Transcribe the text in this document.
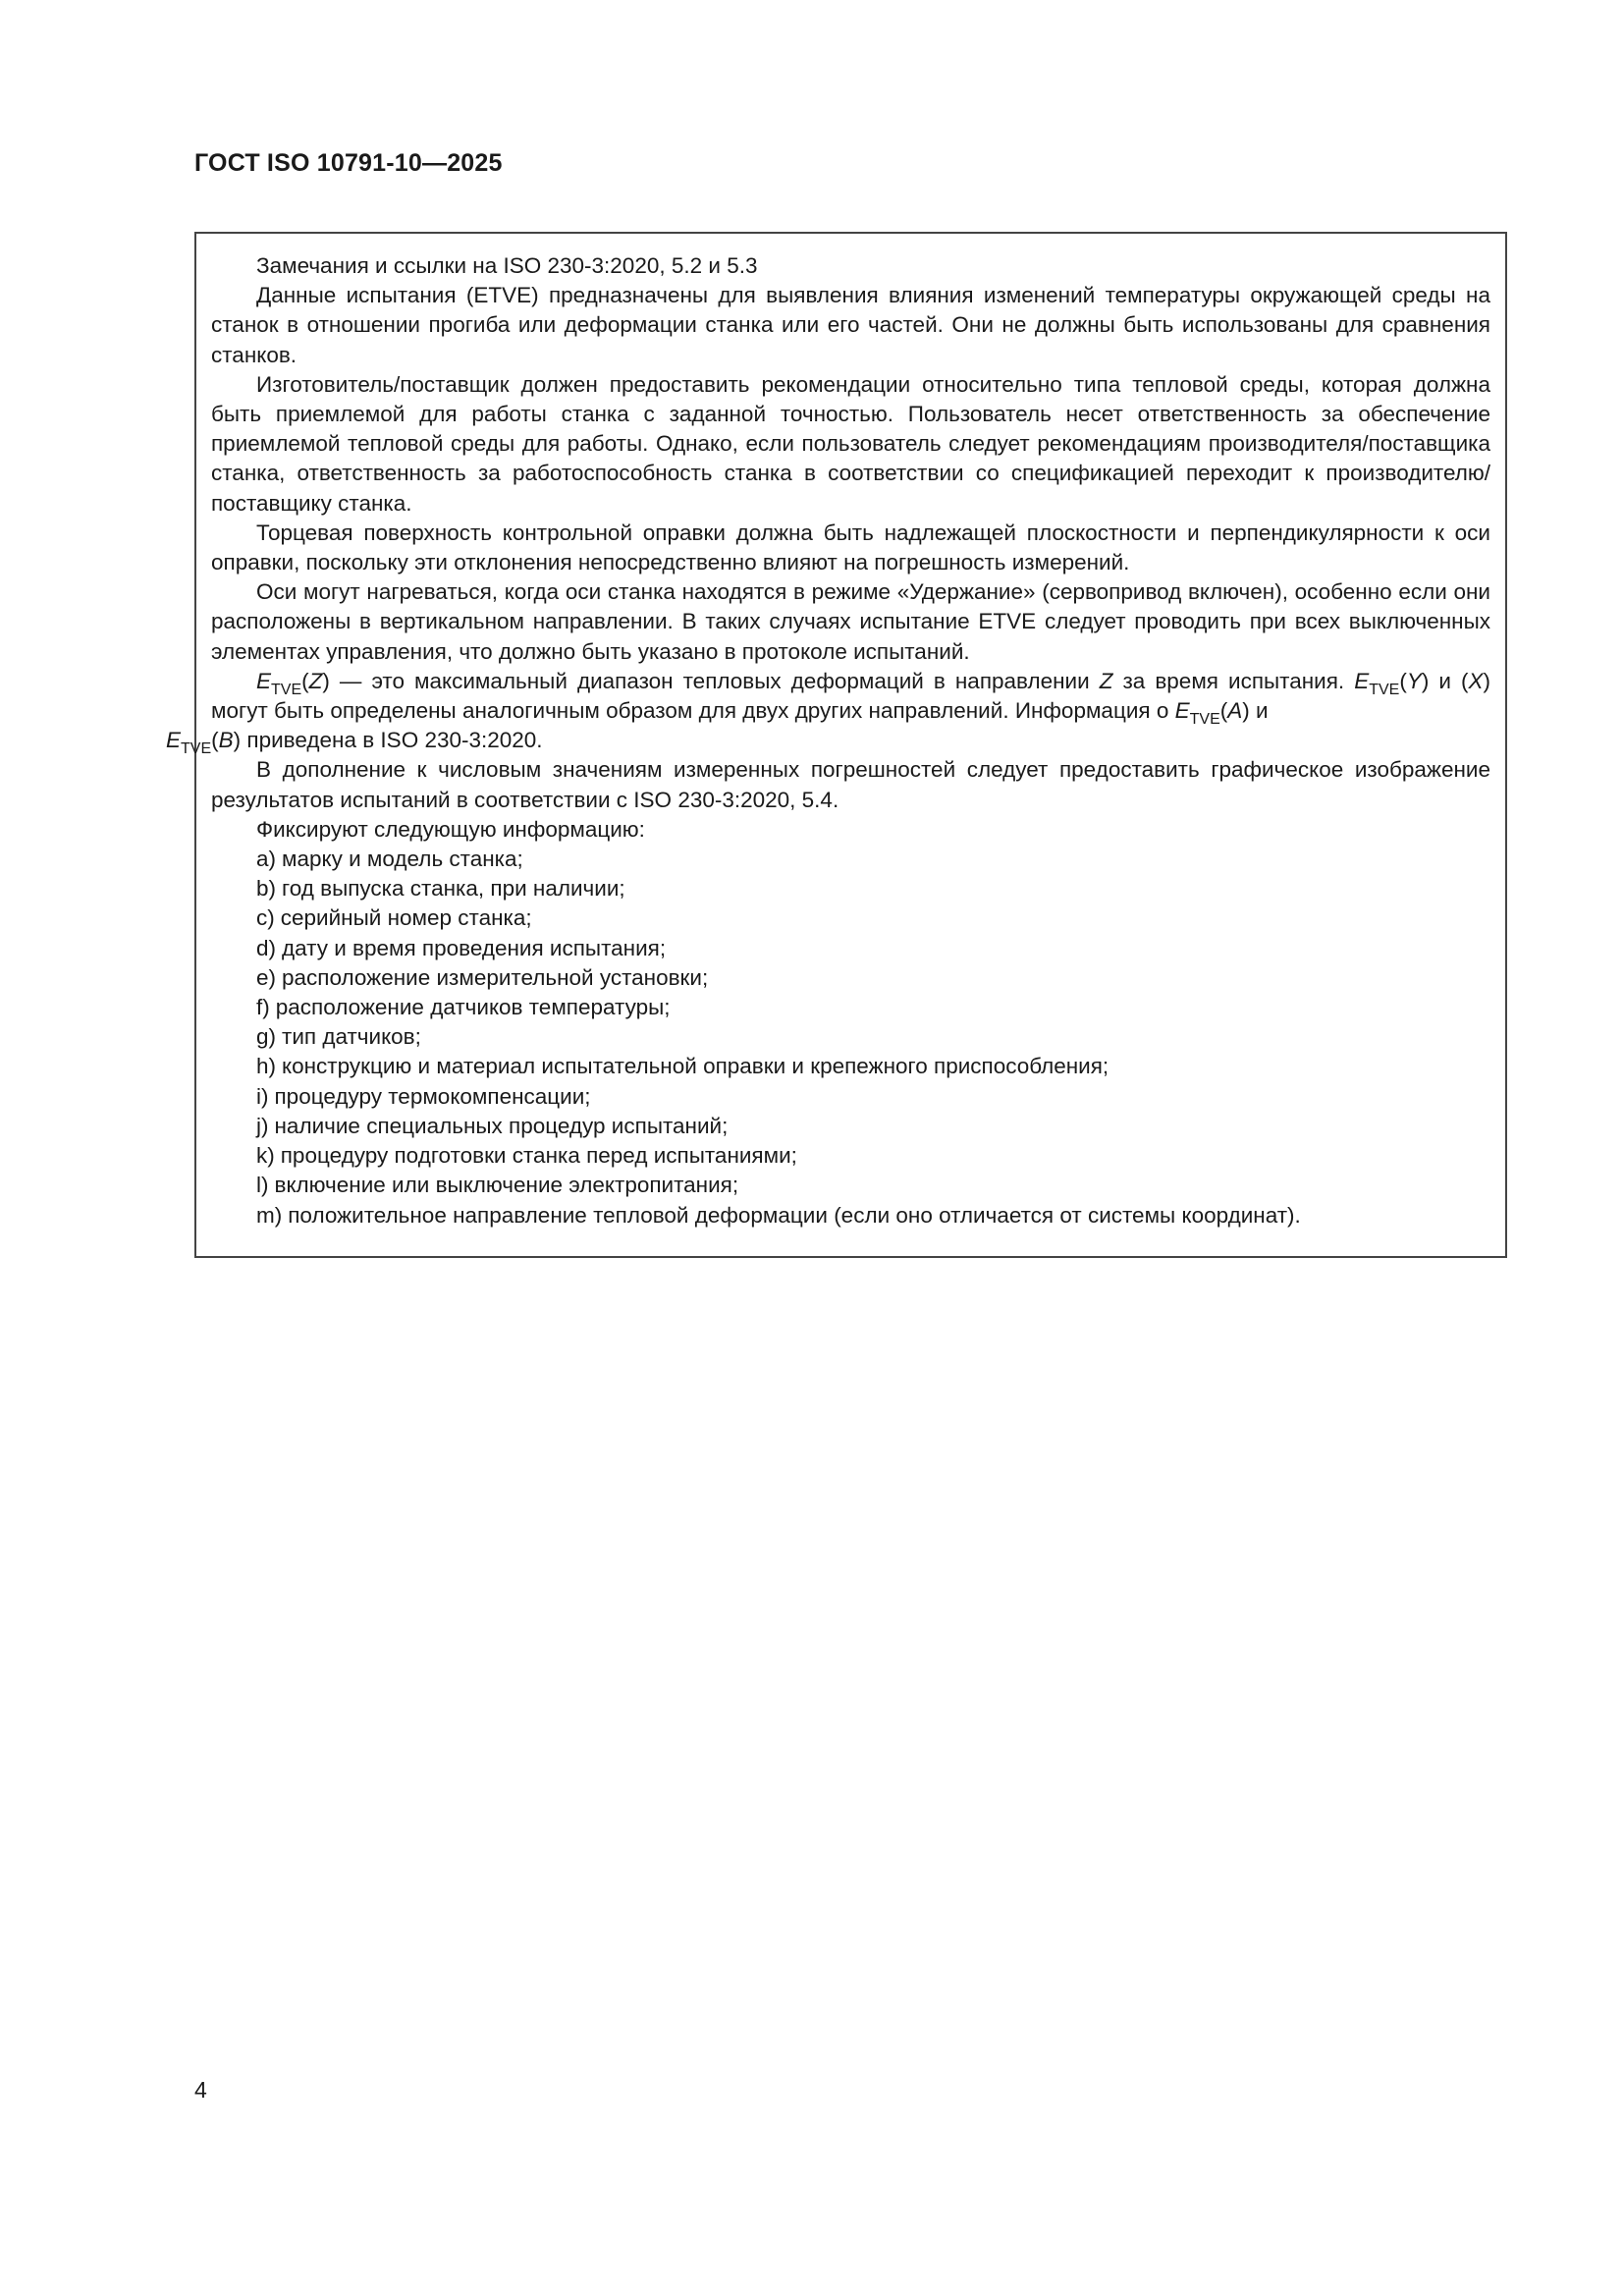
ГОСТ ISO 10791-10—2025

Замечания и ссылки на ISO 230-3:2020, 5.2 и 5.3

Данные испытания (ETVE) предназначены для выявления влияния изменений температуры окружающей среды на станок в отношении прогиба или деформации станка или его частей. Они не должны быть использованы для сравнения станков.

Изготовитель/поставщик должен предоставить рекомендации относительно типа тепловой среды, которая должна быть приемлемой для работы станка с заданной точностью. Пользователь несет ответственность за обеспечение приемлемой тепловой среды для работы. Однако, если пользователь следует рекомендациям производителя/поставщика станка, ответственность за работоспособность станка в соответствии со спецификацией переходит к производителю/поставщику станка.

Торцевая поверхность контрольной оправки должна быть надлежащей плоскостности и перпендикулярности к оси оправки, поскольку эти отклонения непосредственно влияют на погрешность измерений.

Оси могут нагреваться, когда оси станка находятся в режиме «Удержание» (сервопривод включен), особенно если они расположены в вертикальном направлении. В таких случаях испытание ETVE следует проводить при всех выключенных элементах управления, что должно быть указано в протоколе испытаний.

$E_{TVE}(Z)$ — это максимальный диапазон тепловых деформаций в направлении Z за время испытания. $E_{TVE}(Y)$ и (X) могут быть определены аналогичным образом для двух других направлений. Информация о $E_{TVE}(A)$ и
$E_{TVE}(B)$ приведена в ISO 230-3:2020.

В дополнение к числовым значениям измеренных погрешностей следует предоставить графическое изображение результатов испытаний в соответствии с ISO 230-3:2020, 5.4.

Фиксируют следующую информацию:

а) марку и модель станка;

b) год выпуска станка, при наличии;

c) серийный номер станка;

d) дату и время проведения испытания;

e) расположение измерительной установки;

f) расположение датчиков температуры;

g) тип датчиков;

h) конструкцию и материал испытательной оправки и крепежного приспособления;

i) процедуру термокомпенсации;

j) наличие специальных процедур испытаний;

k) процедуру подготовки станка перед испытаниями;

l) включение или выключение электропитания;

m) положительное направление тепловой деформации (если оно отличается от системы координат).

4
